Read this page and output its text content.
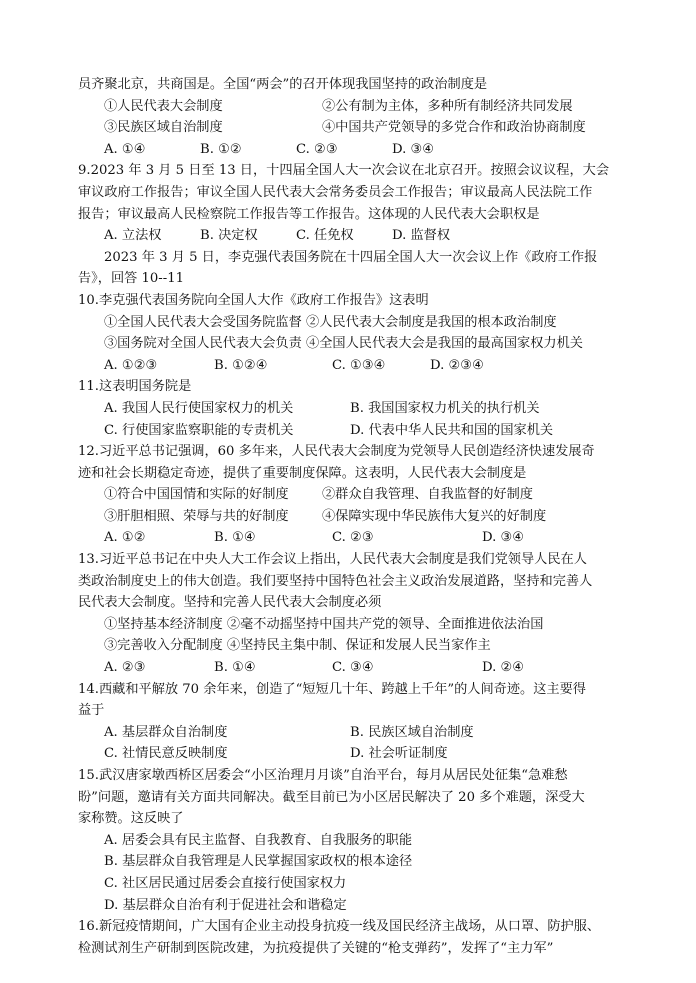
员齐聚北京，共商国是。全国“两会”的召开体现我国坚持的政治制度是
①人民代表大会制度	②公有制为主体，多种所有制经济共同发展
③民族区域自治制度	④中国共产党领导的多党合作和政治协商制度
A. ①④	B. ①②	C. ②③	D. ③④
9.2023 年 3 月 5 日至 13 日，十四届全国人大一次会议在北京召开。按照会议议程，大会
审议政府工作报告；审议全国人民代表大会常务委员会工作报告；审议最高人民法院工作
报告；审议最高人民检察院工作报告等工作报告。这体现的人民代表大会职权是
A. 立法权	B. 决定权	C. 任免权	D. 监督权
2023 年 3 月 5 日，李克强代表国务院在十四届全国人大一次会议上作《政府工作报
告》，回答 10--11
10.李克强代表国务院向全国人大作《政府工作报告》这表明
①全国人民代表大会受国务院监督 ②人民代表大会制度是我国的根本政治制度
③国务院对全国人民代表大会负责 ④全国人民代表大会是我国的最高国家权力机关
A. ①②③	B. ①②④	C. ①③④	D. ②③④
11.这表明国务院是
A. 我国人民行使国家权力的机关	B. 我国国家权力机关的执行机关
C. 行使国家监察职能的专责机关	D. 代表中华人民共和国的国家机关
12.习近平总书记强调，60 多年来，人民代表大会制度为党领导人民创造经济快速发展奇
迹和社会长期稳定奇迹，提供了重要制度保障。这表明，人民代表大会制度是
①符合中国国情和实际的好制度	②群众自我管理、自我监督的好制度
③肝胆相照、荣辱与共的好制度	④保障实现中华民族伟大复兴的好制度
A. ①②	B. ①④	C. ②③	D. ③④
13.习近平总书记在中央人大工作会议上指出，人民代表大会制度是我们党领导人民在人
类政治制度史上的伟大创造。我们要坚持中国特色社会主义政治发展道路，坚持和完善人
民代表大会制度。坚持和完善人民代表大会制度必须
①坚持基本经济制度 ②毫不动摇坚持中国共产党的领导、全面推进依法治国
③完善收入分配制度 ④坚持民主集中制、保证和发展人民当家作主
A. ②③	B. ①④	C. ③④	D. ②④
14.西藏和平解放 70 余年来，创造了“短短几十年、跨越上千年”的人间奇迹。这主要得
益于
A. 基层群众自治制度	B. 民族区域自治制度
C. 社情民意反映制度	D. 社会听证制度
15.武汉唐家墩西桥区居委会“小区治理月月谈”自治平台，每月从居民处征集“急难愁
盼”问题，邀请有关方面共同解决。截至目前已为小区居民解决了 20 多个难题，深受大
家称赞。这反映了
A. 居委会具有民主监督、自我教育、自我服务的职能
B. 基层群众自我管理是人民掌握国家政权的根本途径
C. 社区居民通过居委会直接行使国家权力
D. 基层群众自治有利于促进社会和谐稳定
16.新冠疫情期间，广大国有企业主动投身抗疫一线及国民经济主战场，从口罩、防护服、
检测试剂生产研制到医院改建，为抗疫提供了关键的“枪支弹药”，发挥了“主力军”
